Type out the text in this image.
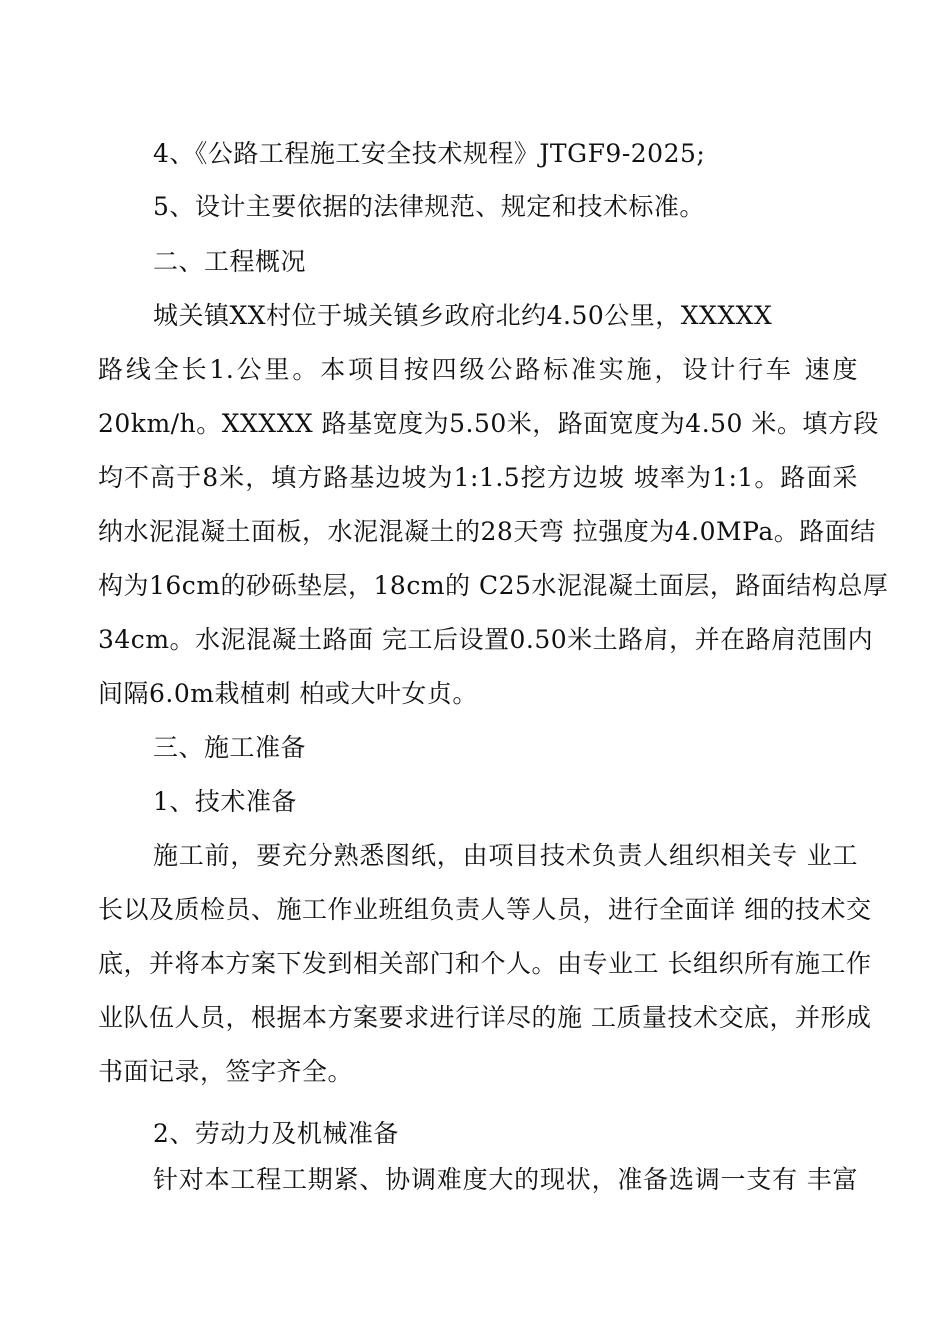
4、《公路工程施工安全技术规程》JTGF9-2025;
5、设计主要依据的法律规范、规定和技术标准。
二、工程概况
城关镇XX村位于城关镇乡政府北约4.50公里，XXXXX
路线全长1.公里。本项目按四级公路标准实施，设计行车 速度
20km/h。XXXXX 路基宽度为5.50米，路面宽度为4.50 米。填方段
均不高于8米，填方路基边坡为1:1.5挖方边坡 坡率为1:1。路面采
纳水泥混凝土面板，水泥混凝土的28天弯 拉强度为4.0MPa。路面结
构为16cm的砂砾垫层，18cm的 C25水泥混凝土面层，路面结构总厚
34cm。水泥混凝土路面 完工后设置0.50米土路肩，并在路肩范围内
间隔6.0m栽植刺 柏或大叶女贞。
三、施工准备
1、技术准备
施工前，要充分熟悉图纸，由项目技术负责人组织相关专 业工
长以及质检员、施工作业班组负责人等人员，进行全面详 细的技术交
底，并将本方案下发到相关部门和个人。由专业工 长组织所有施工作
业队伍人员，根据本方案要求进行详尽的施 工质量技术交底，并形成
书面记录，签字齐全。
2、劳动力及机械准备
针对本工程工期紧、协调难度大的现状，准备选调一支有 丰富
